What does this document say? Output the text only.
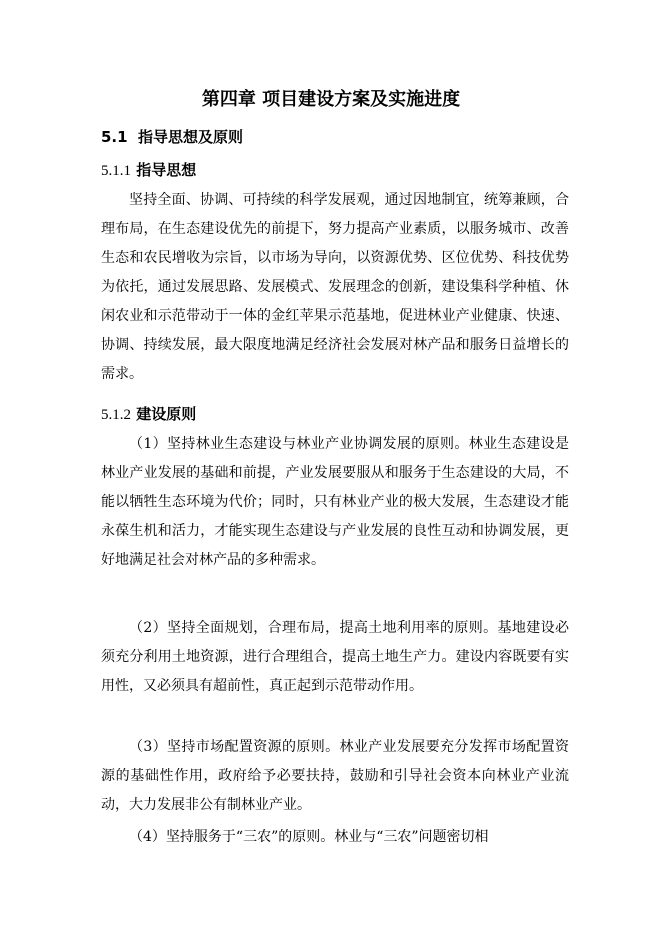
第四章 项目建设方案及实施进度
5.1 指导思想及原则
5.1.1 指导思想

坚持全面、协调、可持续的科学发展观，通过因地制宜，统筹兼顾，合理布局，在生态建设优先的前提下，努力提高产业素质，以服务城市、改善生态和农民增收为宗旨，以市场为导向，以资源优势、区位优势、科技优势为依托，通过发展思路、发展模式、发展理念的创新，建设集科学种植、休闲农业和示范带动于一体的金红苹果示范基地，促进林业产业健康、快速、协调、持续发展，最大限度地满足经济社会发展对林产品和服务日益增长的需求。

5.1.2 建设原则

（1）坚持林业生态建设与林业产业协调发展的原则。林业生态建设是林业产业发展的基础和前提，产业发展要服从和服务于生态建设的大局，不能以牺牲生态环境为代价；同时，只有林业产业的极大发展，生态建设才能永葆生机和活力，才能实现生态建设与产业发展的良性互动和协调发展，更好地满足社会对林产品的多种需求。

（2）坚持全面规划，合理布局，提高土地利用率的原则。基地建设必须充分利用土地资源，进行合理组合，提高土地生产力。建设内容既要有实用性，又必须具有超前性，真正起到示范带动作用。

（3）坚持市场配置资源的原则。林业产业发展要充分发挥市场配置资源的基础性作用，政府给予必要扶持，鼓励和引导社会资本向林业产业流动，大力发展非公有制林业产业。

（4）坚持服务于“三农”的原则。林业与“三农”问题密切相
